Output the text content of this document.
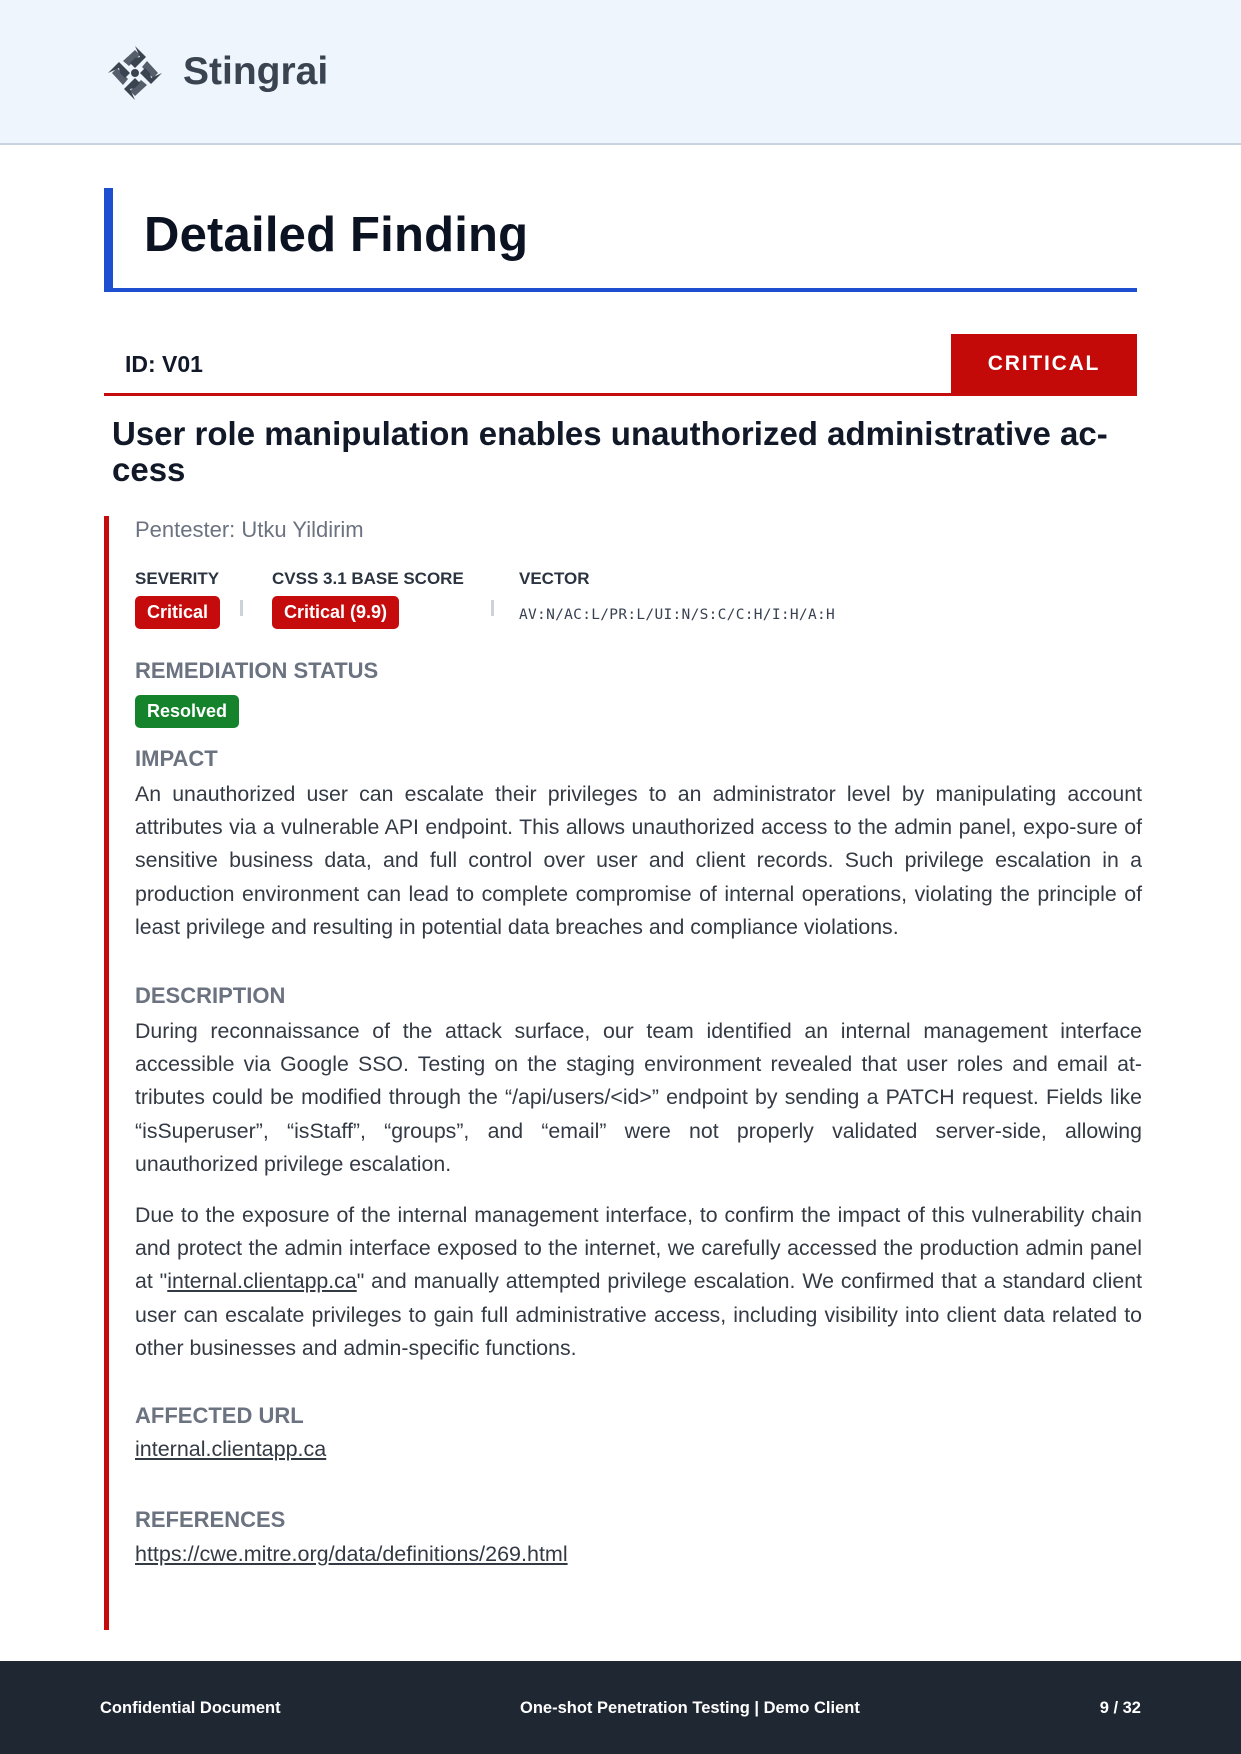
Stingrai
Detailed Finding
ID: V01	CRITICAL
User role manipulation enables unauthorized administrative ac-
cess
Pentester: Utku Yildirim
SEVERITY
Critical
CVSS 3.1 BASE SCORE
Critical (9.9)
VECTOR
AV:N/AC:L/PR:L/UI:N/S:C/C:H/I:H/A:H
REMEDIATION STATUS
Resolved
IMPACT
An unauthorized user can escalate their privileges to an administrator level by manipulating account attributes via a vulnerable API endpoint. This allows unauthorized access to the admin panel, expo-sure of sensitive business data, and full control over user and client records. Such privilege escalation in a production environment can lead to complete compromise of internal operations, violating the principle of least privilege and resulting in potential data breaches and compliance violations.
DESCRIPTION
During reconnaissance of the attack surface, our team identified an internal management interface accessible via Google SSO. Testing on the staging environment revealed that user roles and email at-tributes could be modified through the “/api/users/<id>” endpoint by sending a PATCH request. Fields like “isSuperuser”, “isStaff”, “groups”, and “email” were not properly validated server-side, allowing unauthorized privilege escalation.
Due to the exposure of the internal management interface, to confirm the impact of this vulnerability chain and protect the admin interface exposed to the internet, we carefully accessed the production admin panel at "internal.clientapp.ca" and manually attempted privilege escalation. We confirmed that a standard client user can escalate privileges to gain full administrative access, including visibility into client data related to other businesses and admin-specific functions.
AFFECTED URL
internal.clientapp.ca
REFERENCES
https://cwe.mitre.org/data/definitions/269.html
Confidential Document	One-shot Penetration Testing | Demo Client	9 / 32
